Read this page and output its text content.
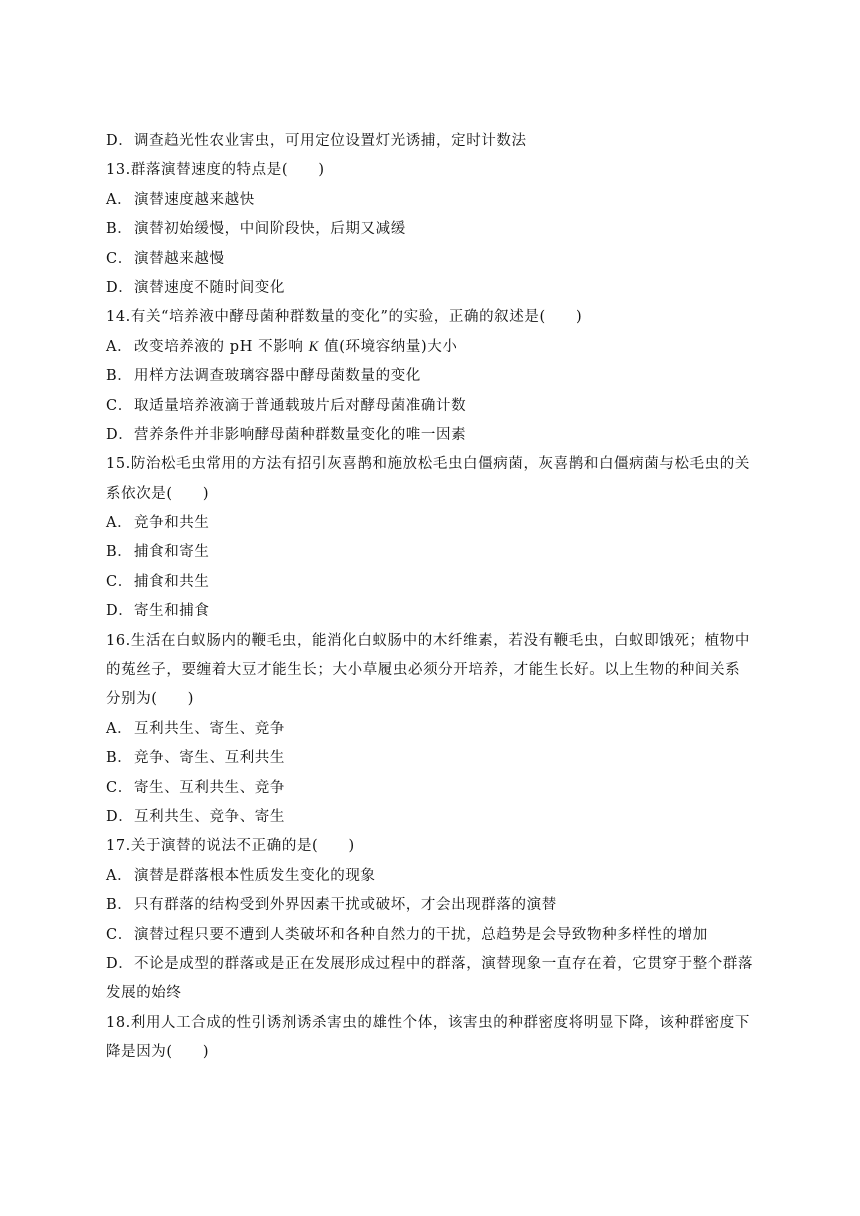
D．调查趋光性农业害虫，可用定位设置灯光诱捕，定时计数法
13.群落演替速度的特点是(　　)
A． 演替速度越来越快
B． 演替初始缓慢，中间阶段快，后期又减缓
C．演替越来越慢
D．演替速度不随时间变化
14.有关“培养液中酵母菌种群数量的变化”的实验，正确的叙述是(　　)
A． 改变培养液的 pH 不影响 K 值(环境容纳量)大小
B． 用样方法调查玻璃容器中酵母菌数量的变化
C．取适量培养液滴于普通载玻片后对酵母菌准确计数
D．营养条件并非影响酵母菌种群数量变化的唯一因素
15.防治松毛虫常用的方法有招引灰喜鹊和施放松毛虫白僵病菌，灰喜鹊和白僵病菌与松毛虫的关
系依次是(　　)
A． 竞争和共生
B． 捕食和寄生
C．捕食和共生
D．寄生和捕食
16.生活在白蚁肠内的鞭毛虫，能消化白蚁肠中的木纤维素，若没有鞭毛虫，白蚁即饿死；植物中
的菟丝子，要缠着大豆才能生长；大小草履虫必须分开培养，才能生长好。以上生物的种间关系
分别为(　　)
A． 互利共生、寄生、竞争
B． 竞争、寄生、互利共生
C．寄生、互利共生、竞争
D．互利共生、竞争、寄生
17.关于演替的说法不正确的是(　　)
A． 演替是群落根本性质发生变化的现象
B． 只有群落的结构受到外界因素干扰或破坏，才会出现群落的演替
C．演替过程只要不遭到人类破坏和各种自然力的干扰，总趋势是会导致物种多样性的增加
D．不论是成型的群落或是正在发展形成过程中的群落，演替现象一直存在着，它贯穿于整个群落
发展的始终
18.利用人工合成的性引诱剂诱杀害虫的雄性个体，该害虫的种群密度将明显下降，该种群密度下
降是因为(　　)
